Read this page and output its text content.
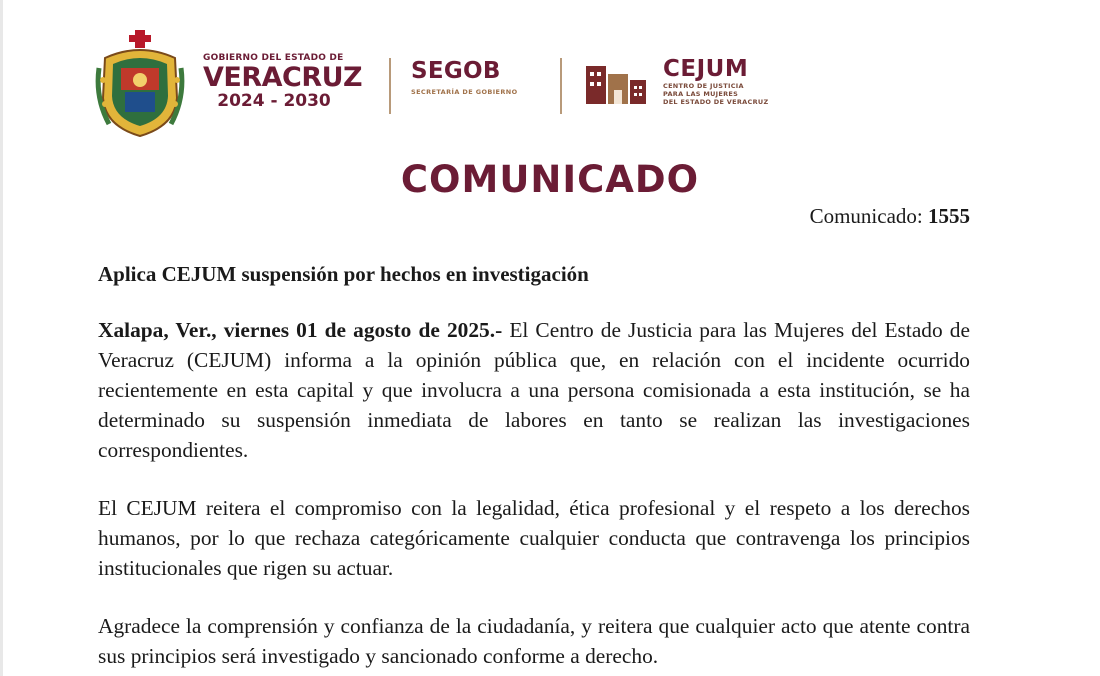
GOBIERNO DEL ESTADO DE
VERACRUZ
2024 - 2030
SEGOB
SECRETARÍA DE GOBIERNO
CEJUM
CENTRO DE JUSTICIA
PARA LAS MUJERES
DEL ESTADO DE VERACRUZ
COMUNICADO
Comunicado: 1555
Aplica CEJUM suspensión por hechos en investigación
Xalapa, Ver., viernes 01 de agosto de 2025.- El Centro de Justicia para las Mujeres del Estado de Veracruz (CEJUM) informa a la opinión pública que, en relación con el incidente ocurrido recientemente en esta capital y que involucra a una persona comisionada a esta institución, se ha determinado su suspensión inmediata de labores en tanto se realizan las investigaciones correspondientes.
El CEJUM reitera el compromiso con la legalidad, ética profesional y el respeto a los derechos humanos, por lo que rechaza categóricamente cualquier conducta que contravenga los principios institucionales que rigen su actuar.
Agradece la comprensión y confianza de la ciudadanía, y reitera que cualquier acto que atente contra sus principios será investigado y sancionado conforme a derecho.
